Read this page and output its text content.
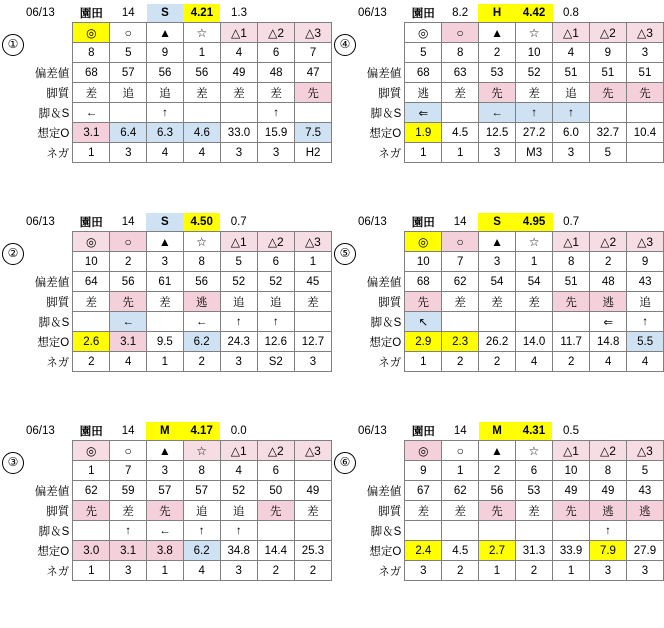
①
06/13	園田	14	S	4.21	1.3		
	◎	○	▲	☆	△1	△2	△3
	8	5	9	1	4	6	7
偏差値	68	57	56	56	49	48	47
脚質	差	追	追	差	差	差	先
脚＆S	←		↑			↑	
想定O	3.1	6.4	6.3	4.6	33.0	15.9	7.5
ネガ	1	3	4	4	3	3	H2
④
06/13	園田	8.2	H	4.42	0.8		
	◎	○	▲	☆	△1	△2	△3
	5	8	2	10	4	9	3
偏差値	68	63	53	52	51	51	51
脚質	逃	差	先	差	追	先	先
脚＆S	⇐		←	↑	↑		
想定O	1.9	4.5	12.5	27.2	6.0	32.7	10.4
ネガ	1	1	3	M3	3	5	
②
06/13	園田	14	S	4.50	0.7		
	◎	○	▲	☆	△1	△2	△3
	10	2	3	8	5	6	1
偏差値	64	56	61	56	52	52	45
脚質	差	先	差	逃	追	追	差
脚＆S		←		←	↑	↑	
想定O	2.6	3.1	9.5	6.2	24.3	12.6	12.7
ネガ	2	4	1	2	3	S2	3
⑤
06/13	園田	14	S	4.95	0.7		
	◎	○	▲	☆	△1	△2	△3
	10	7	3	1	8	2	9
偏差値	68	62	54	54	51	48	43
脚質	先	差	差	差	先	逃	追
脚＆S	↖					⇐	↑
想定O	2.9	2.3	26.2	14.0	11.7	14.8	5.5
ネガ	1	2	2	4	2	4	4
③
06/13	園田	14	M	4.17	0.0		
	◎	○	▲	☆	△1	△2	△3
	1	7	3	8	4	6	
偏差値	62	59	57	57	52	50	49
脚質	先	差	先	追	追	先	差
脚＆S		↑	←	↑	↑		
想定O	3.0	3.1	3.8	6.2	34.8	14.4	25.3
ネガ	1	3	1	4	3	2	2
⑥
06/13	園田	14	M	4.31	0.5		
	◎	○	▲	☆	△1	△2	△3
	9	1	2	6	10	8	5
偏差値	67	62	56	53	49	49	43
脚質	差	差	先	差	先	逃	逃
脚＆S						↑	
想定O	2.4	4.5	2.7	31.3	33.9	7.9	27.9
ネガ	3	2	1	2	1	3	3
